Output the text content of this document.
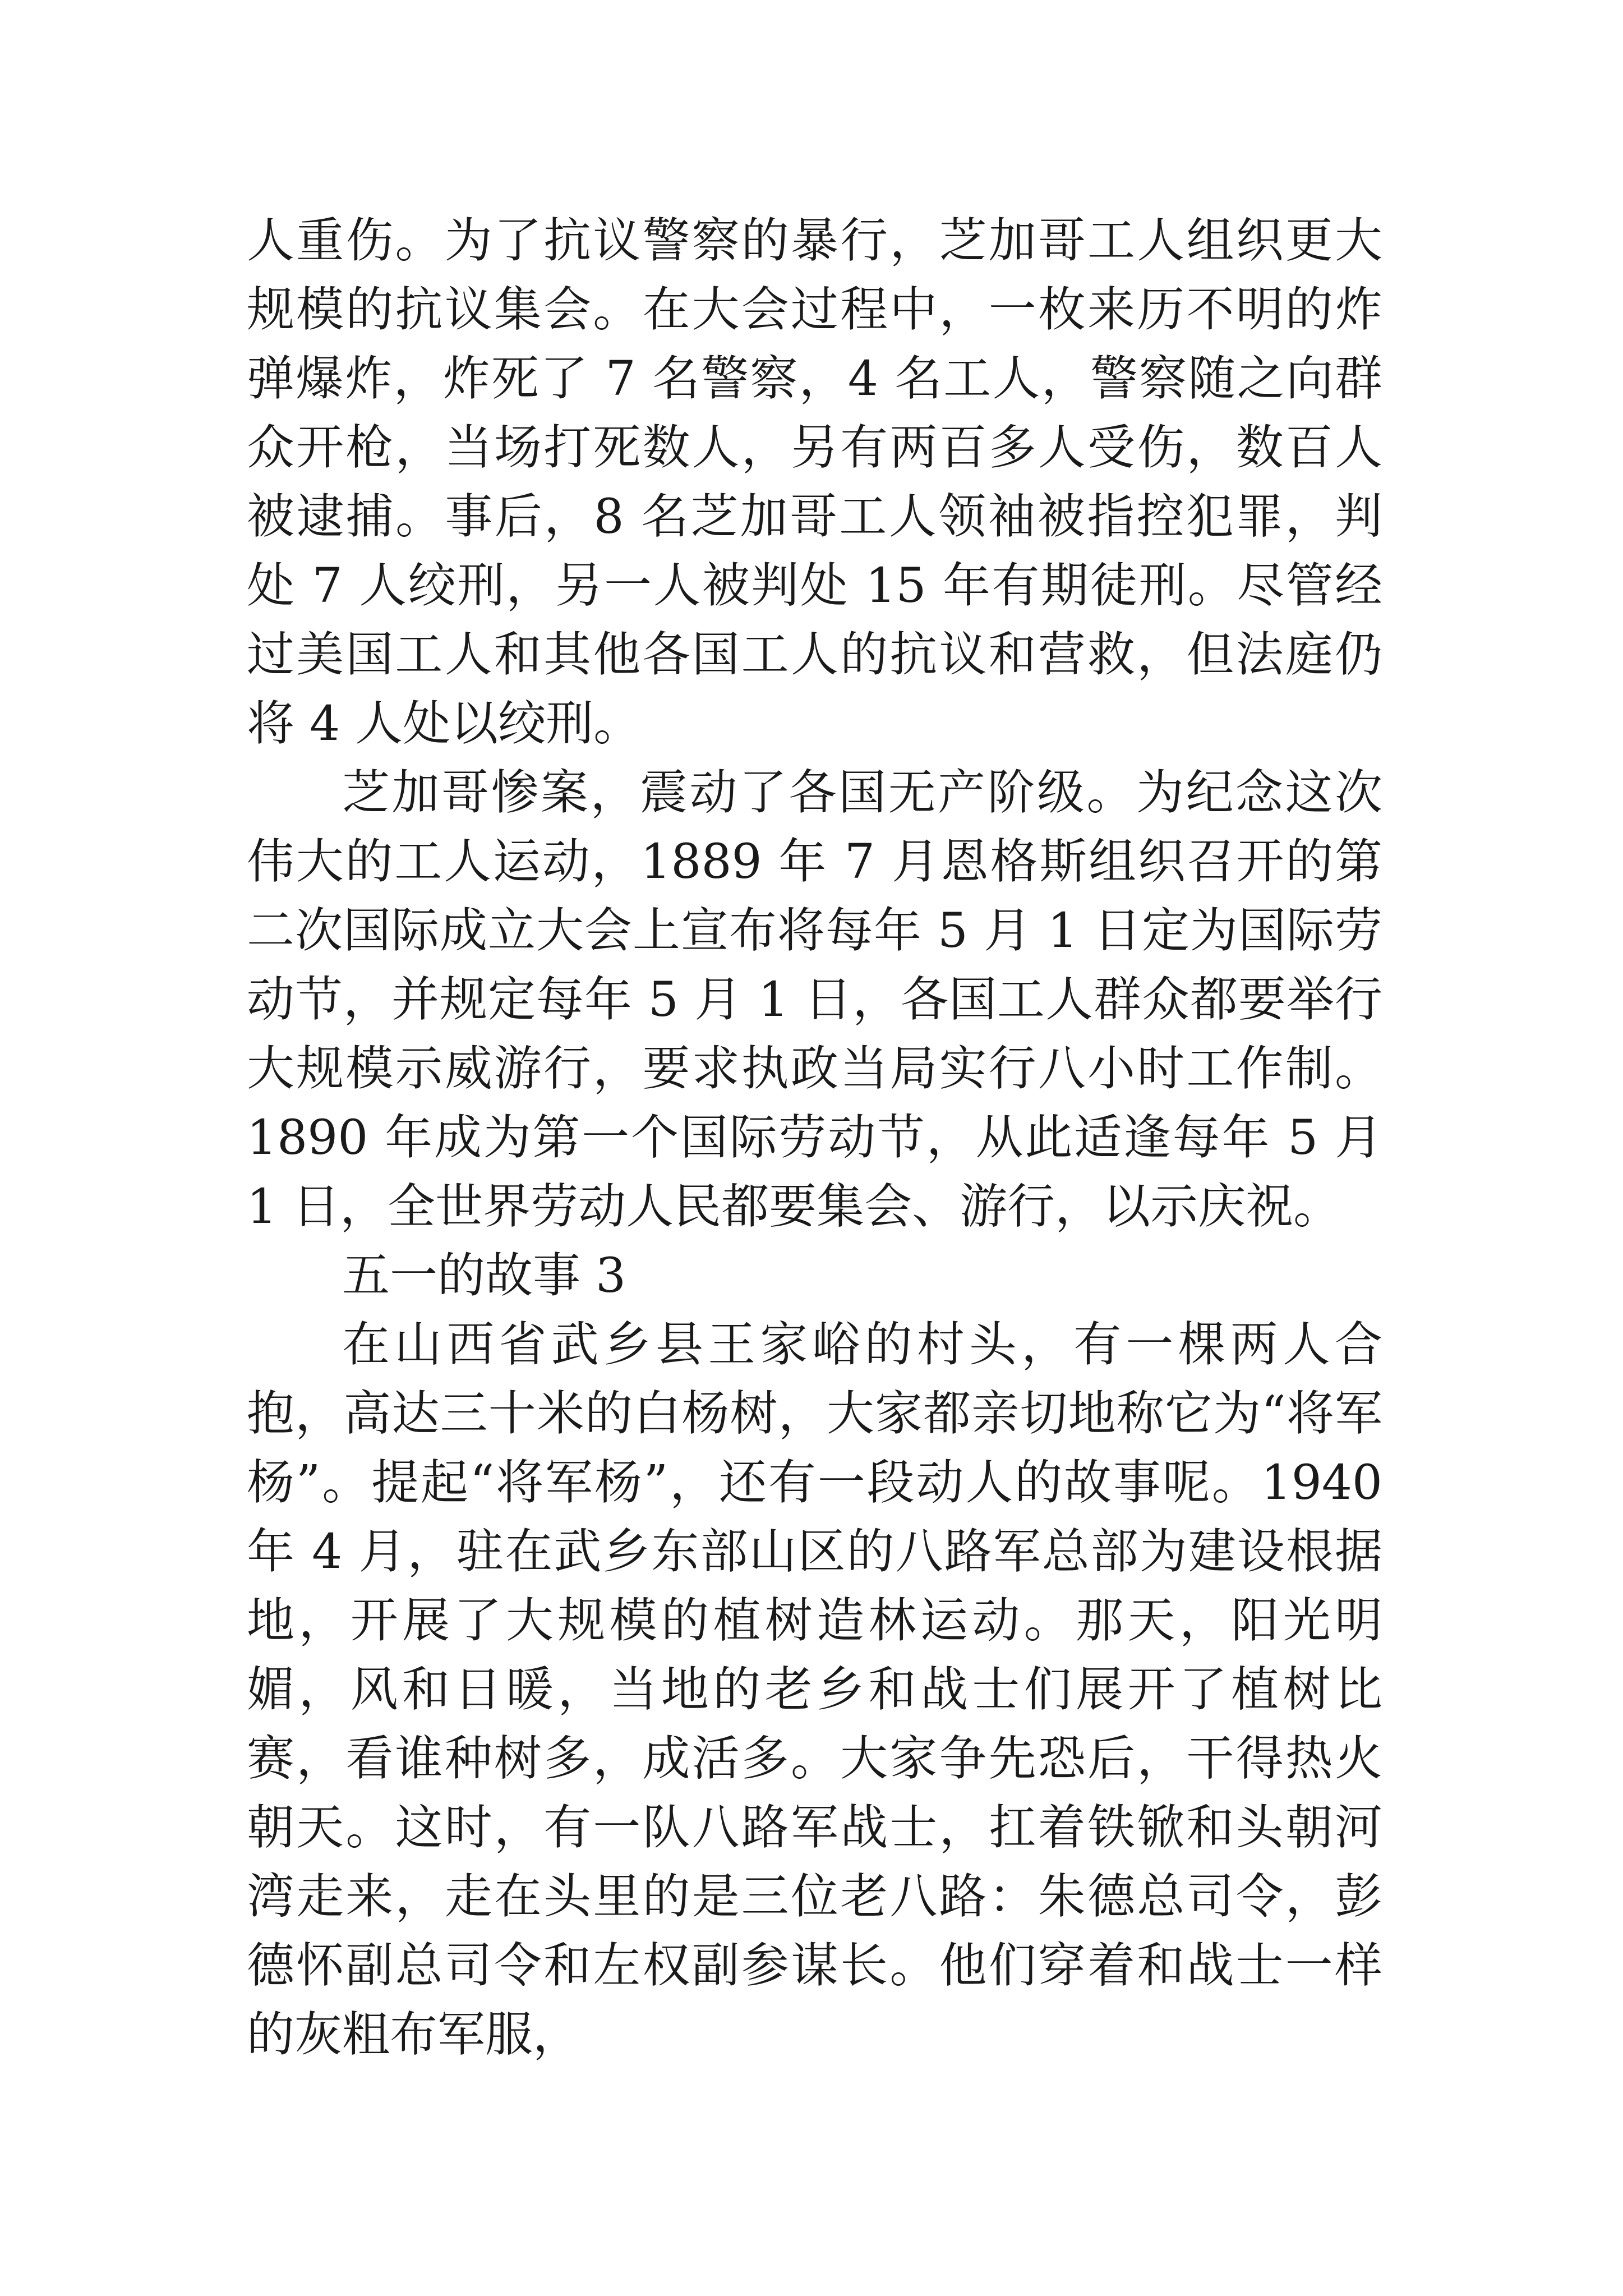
人重伤。为了抗议警察的暴行，芝加哥工人组织更大规模的抗议集会。在大会过程中，一枚来历不明的炸弹爆炸，炸死了 7 名警察，4 名工人，警察随之向群众开枪，当场打死数人，另有两百多人受伤，数百人被逮捕。事后，8 名芝加哥工人领袖被指控犯罪，判处 7 人绞刑，另一人被判处 15 年有期徒刑。尽管经过美国工人和其他各国工人的抗议和营救，但法庭仍将 4 人处以绞刑。

芝加哥惨案，震动了各国无产阶级。为纪念这次伟大的工人运动，1889 年 7 月恩格斯组织召开的第二次国际成立大会上宣布将每年 5 月 1 日定为国际劳动节，并规定每年 5 月 1 日，各国工人群众都要举行大规模示威游行，要求执政当局实行八小时工作制。1890 年成为第一个国际劳动节，从此适逢每年 5 月 1 日，全世界劳动人民都要集会、游行，以示庆祝。

五一的故事 3

在山西省武乡县王家峪的村头，有一棵两人合抱，高达三十米的白杨树，大家都亲切地称它为“将军杨”。提起“将军杨”，还有一段动人的故事呢。1940 年 4 月，驻在武乡东部山区的八路军总部为建设根据地，开展了大规模的植树造林运动。那天，阳光明媚，风和日暖，当地的老乡和战士们展开了植树比赛，看谁种树多，成活多。大家争先恐后，干得热火朝天。这时，有一队八路军战士，扛着铁锨和头朝河湾走来，走在头里的是三位老八路：朱德总司令，彭德怀副总司令和左权副参谋长。他们穿着和战士一样的灰粗布军服，
